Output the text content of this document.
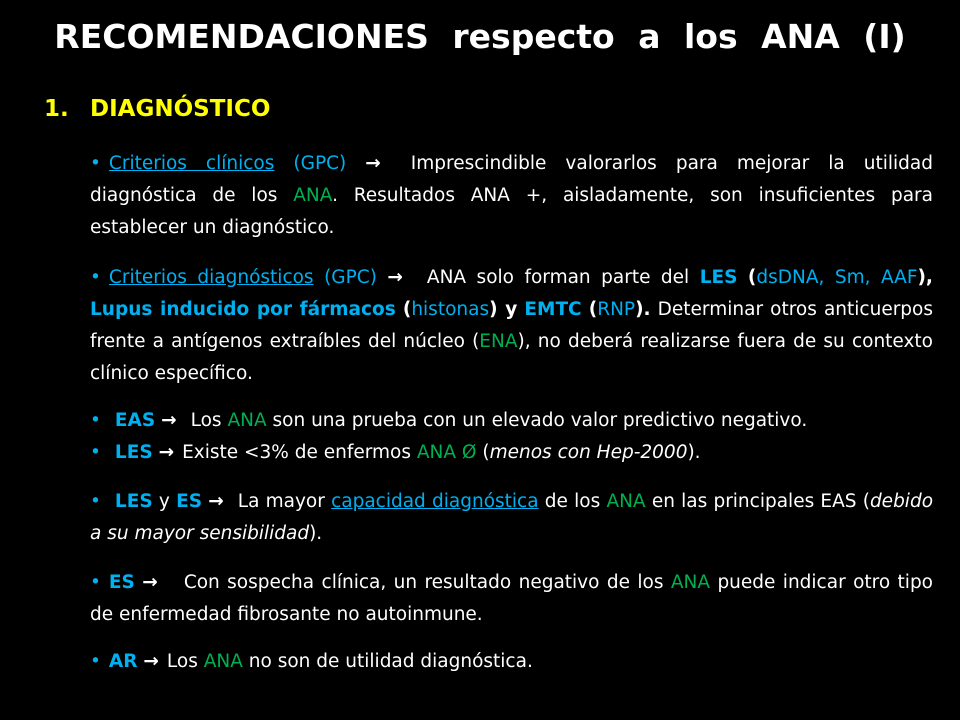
RECOMENDACIONES respecto a los ANA (I)
1. DIAGNÓSTICO
• Criterios clínicos (GPC) → Imprescindible valorarlos para mejorar la utilidad diagnóstica de los ANA. Resultados ANA +, aisladamente, son insuficientes para establecer un diagnóstico.
• Criterios diagnósticos (GPC) → ANA solo forman parte del LES (dsDNA, Sm, AAF), Lupus inducido por fármacos (histonas) y EMTC (RNP). Determinar otros anticuerpos frente a antígenos extraíbles del núcleo (ENA), no deberá realizarse fuera de su contexto clínico específico.
• EAS → Los ANA son una prueba con un elevado valor predictivo negativo.
• LES → Existe <3% de enfermos ANA Ø (menos con Hep-2000).
• LES y ES → La mayor capacidad diagnóstica de los ANA en las principales EAS (debido a su mayor sensibilidad).
• ES → Con sospecha clínica, un resultado negativo de los ANA puede indicar otro tipo de enfermedad fibrosante no autoinmune.
• AR → Los ANA no son de utilidad diagnóstica.
